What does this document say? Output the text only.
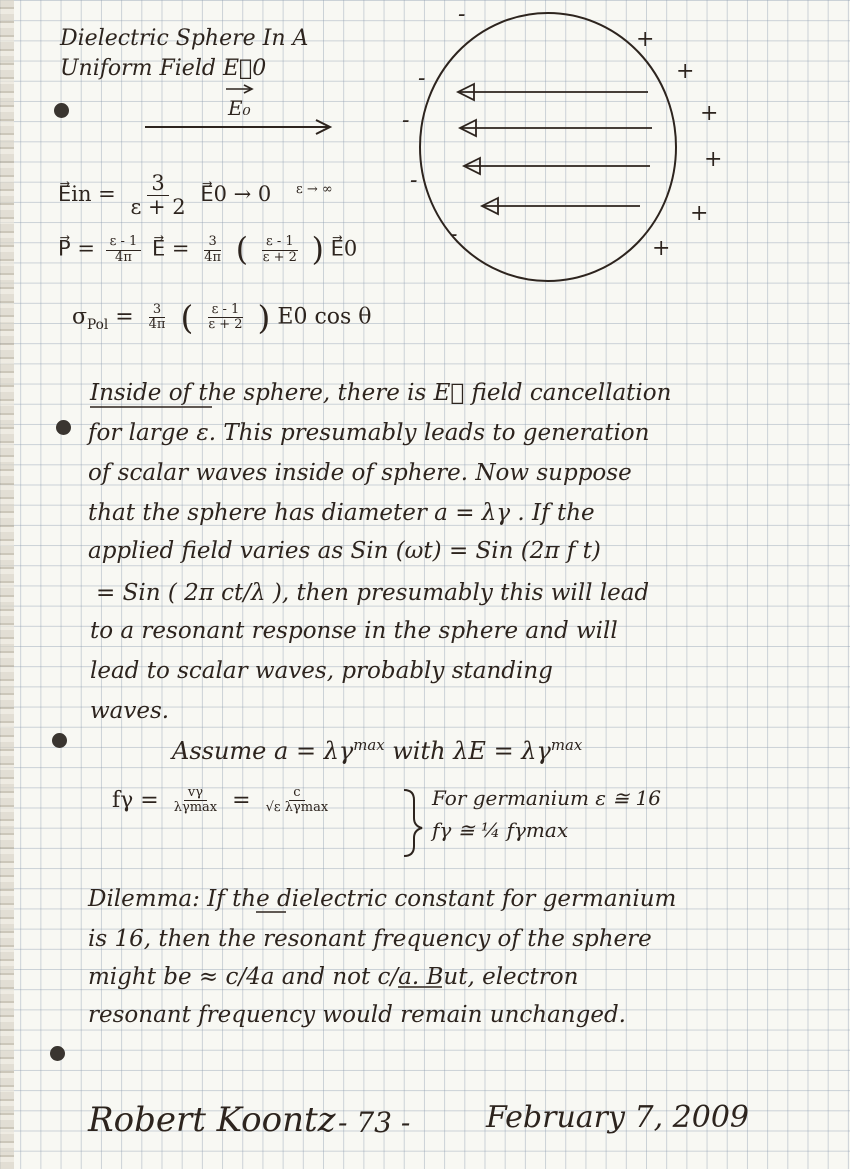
Dielectric Sphere In A
Uniform Field E⃗0
E₀
+
+
+
+
+
+
-
-
-
-
-
E⃗in = $\frac{3}{\varepsilon + 2}$ E⃗0 → 0 $^{\varepsilon \to \infty}$
P⃗ = $\frac{\varepsilon - 1}{4\pi}$ E⃗ = $\frac{3}{4\pi}$ ( $\frac{\varepsilon - 1}{\varepsilon + 2}$ ) E⃗0
$\sigma_{Pol} = \frac{3}{4\pi}$ ( $\frac{\varepsilon - 1}{\varepsilon + 2}$ ) E0 cos θ
Inside of the sphere, there is E⃗ field cancellation
for large ε. This presumably leads to generation
of scalar waves inside of sphere. Now suppose
that the sphere has diameter a = λγ . If the
applied field varies as Sin (ωt) = Sin (2π f t)
= Sin ( 2π ct/λ ), then presumably this will lead
to a resonant response in the sphere and will
lead to scalar waves, probably standing
waves.
Assume $a = \lambda\gamma^{max}$ with $\lambda E = \lambda\gamma^{max}$
$f\gamma = \frac{v\gamma}{\lambda\gamma\max} = \frac{c}{\text{√ε λγmax}}$	For germanium ε ≅ 16
fγ ≅ ¼ fγmax
Dilemma: If the dielectric constant for germanium
is 16, then the resonant frequency of the sphere
might be ≈ c/4a and not c/a. But, electron
resonant frequency would remain unchanged.
Robert Koontz - 73 -	February 7, 2009
